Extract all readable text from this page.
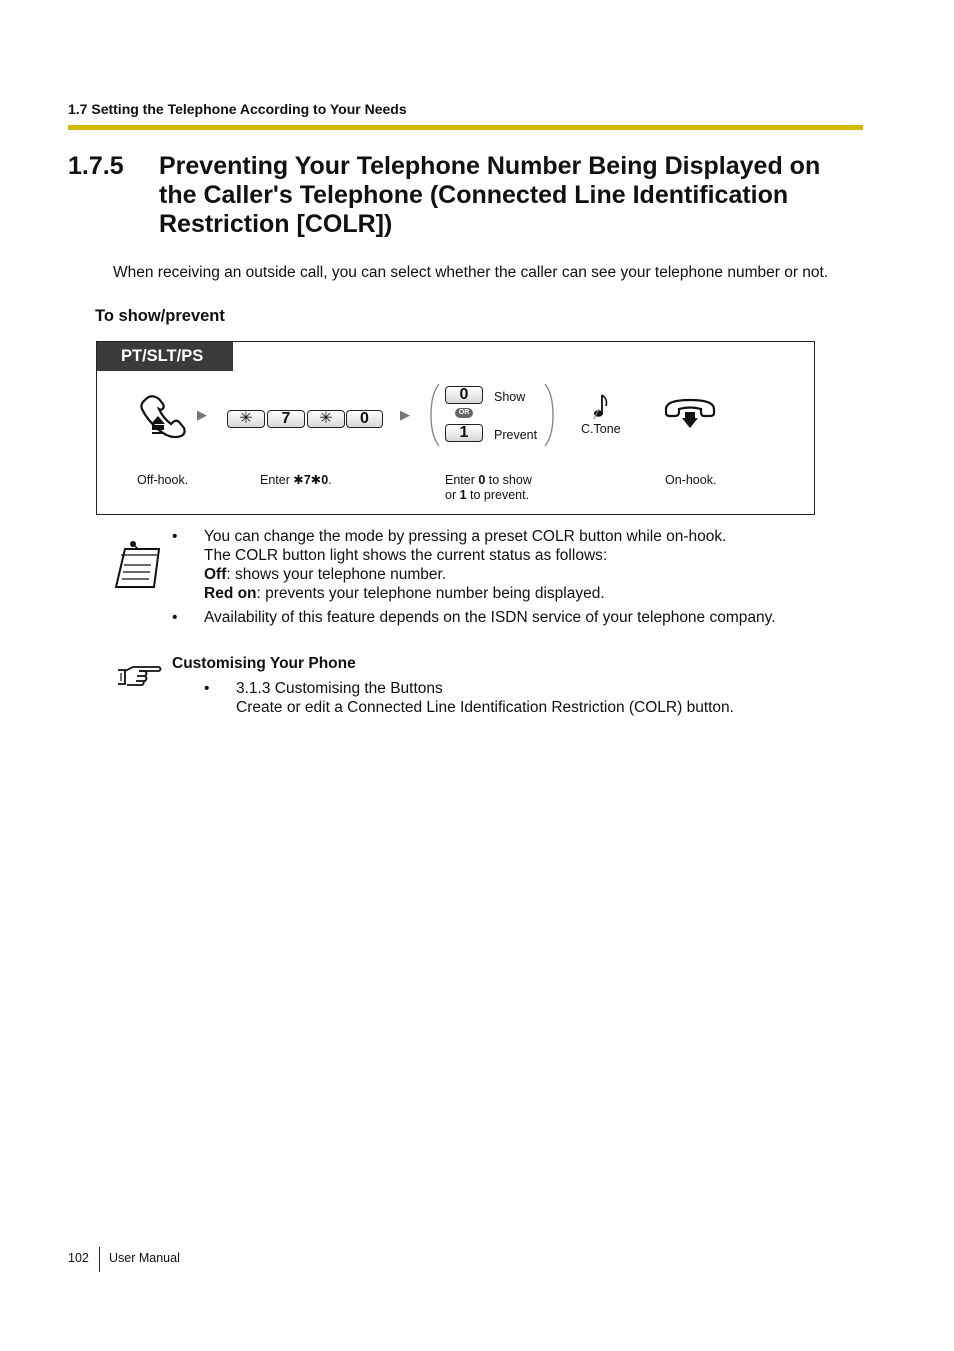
1.7 Setting the Telephone According to Your Needs
1.7.5 Preventing Your Telephone Number Being Displayed on the Caller's Telephone (Connected Line Identification Restriction [COLR])
When receiving an outside call, you can select whether the caller can see your telephone number or not.
To show/prevent
PT/SLT/PS
▶	✳	7	✳	0	▶
0	Show
OR
1	Prevent	C.Tone
Off-hook.	Enter ✱7✱0.	Enter 0 to show
or 1 to prevent.
On-hook.
• You can change the mode by pressing a preset COLR button while on-hook.
The COLR button light shows the current status as follows:
Off: shows your telephone number.
Red on: prevents your telephone number being displayed.
• Availability of this feature depends on the ISDN service of your telephone company.
Customising Your Phone
• 3.1.3 Customising the Buttons
Create or edit a Connected Line Identification Restriction (COLR) button.
102 User Manual
